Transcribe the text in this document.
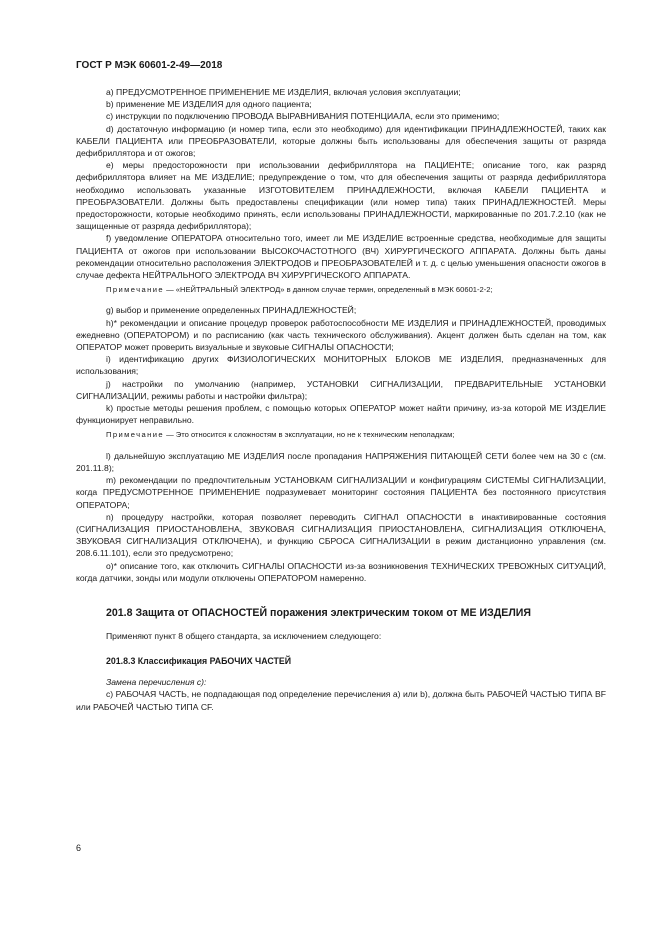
ГОСТ Р МЭК 60601-2-49—2018

a) ПРЕДУСМОТРЕННОЕ ПРИМЕНЕНИЕ МЕ ИЗДЕЛИЯ, включая условия эксплуатации;

b) применение МЕ ИЗДЕЛИЯ для одного пациента;

c) инструкции по подключению ПРОВОДА ВЫРАВНИВАНИЯ ПОТЕНЦИАЛА, если это применимо;

d) достаточную информацию (и номер типа, если это необходимо) для идентификации ПРИНАДЛЕЖНОСТЕЙ, таких как КАБЕЛИ ПАЦИЕНТА или ПРЕОБРАЗОВАТЕЛИ, которые должны быть использованы для обеспечения защиты от разряда дефибриллятора и от ожогов;

e) меры предосторожности при использовании дефибриллятора на ПАЦИЕНТЕ; описание того, как разряд дефибриллятора влияет на МЕ ИЗДЕЛИЕ; предупреждение о том, что для обеспечения защиты от разряда дефибриллятора необходимо использовать указанные ИЗГОТОВИТЕЛЕМ ПРИНАДЛЕЖНОСТИ, включая КАБЕЛИ ПАЦИЕНТА и ПРЕОБРАЗОВАТЕЛИ. Должны быть предоставлены спецификации (или номер типа) таких ПРИНАДЛЕЖНОСТЕЙ. Меры предосторожности, которые необходимо принять, если использованы ПРИНАДЛЕЖНОСТИ, маркированные по 201.7.2.10 (как не защищенные от разряда дефибриллятора);

f) уведомление ОПЕРАТОРА относительно того, имеет ли МЕ ИЗДЕЛИЕ встроенные средства, необходимые для защиты ПАЦИЕНТА от ожогов при использовании ВЫСОКОЧАСТОТНОГО (ВЧ) ХИРУРГИЧЕСКОГО АППАРАТА. Должны быть даны рекомендации относительно расположения ЭЛЕКТРОДОВ и ПРЕОБРАЗОВАТЕЛЕЙ и т. д. с целью уменьшения опасности ожогов в случае дефекта НЕЙТРАЛЬНОГО ЭЛЕКТРОДА ВЧ ХИРУРГИЧЕСКОГО АППАРАТА.

Примечание — «НЕЙТРАЛЬНЫЙ ЭЛЕКТРОД» в данном случае термин, определенный в МЭК 60601-2-2;

g) выбор и применение определенных ПРИНАДЛЕЖНОСТЕЙ;

h)* рекомендации и описание процедур проверок работоспособности МЕ ИЗДЕЛИЯ и ПРИНАДЛЕЖНОСТЕЙ, проводимых ежедневно (ОПЕРАТОРОМ) и по расписанию (как часть технического обслуживания). Акцент должен быть сделан на том, как ОПЕРАТОР может проверить визуальные и звуковые СИГНАЛЫ ОПАСНОСТИ;

i) идентификацию других ФИЗИОЛОГИЧЕСКИХ МОНИТОРНЫХ БЛОКОВ МЕ ИЗДЕЛИЯ, предназначенных для использования;

j) настройки по умолчанию (например, УСТАНОВКИ СИГНАЛИЗАЦИИ, ПРЕДВАРИТЕЛЬНЫЕ УСТАНОВКИ СИГНАЛИЗАЦИИ, режимы работы и настройки фильтра);

k) простые методы решения проблем, с помощью которых ОПЕРАТОР может найти причину, из-за которой МЕ ИЗДЕЛИЕ функционирует неправильно.

Примечание — Это относится к сложностям в эксплуатации, но не к техническим неполадкам;

l) дальнейшую эксплуатацию МЕ ИЗДЕЛИЯ после пропадания НАПРЯЖЕНИЯ ПИТАЮЩЕЙ СЕТИ более чем на 30 с (см. 201.11.8);

m) рекомендации по предпочтительным УСТАНОВКАМ СИГНАЛИЗАЦИИ и конфигурациям СИСТЕМЫ СИГНАЛИЗАЦИИ, когда ПРЕДУСМОТРЕННОЕ ПРИМЕНЕНИЕ подразумевает мониторинг состояния ПАЦИЕНТА без постоянного присутствия ОПЕРАТОРА;

n) процедуру настройки, которая позволяет переводить СИГНАЛ ОПАСНОСТИ в инактивированные состояния (СИГНАЛИЗАЦИЯ ПРИОСТАНОВЛЕНА, ЗВУКОВАЯ СИГНАЛИЗАЦИЯ ПРИОСТАНОВЛЕНА, СИГНАЛИЗАЦИЯ ОТКЛЮЧЕНА, ЗВУКОВАЯ СИГНАЛИЗАЦИЯ ОТКЛЮЧЕНА), и функцию СБРОСА СИГНАЛИЗАЦИИ в режим дистанционно управления (см. 208.6.11.101), если это предусмотрено;

o)* описание того, как отключить СИГНАЛЫ ОПАСНОСТИ из-за возникновения ТЕХНИЧЕСКИХ ТРЕВОЖНЫХ СИТУАЦИЙ, когда датчики, зонды или модули отключены ОПЕРАТОРОМ намеренно.

201.8 Защита от ОПАСНОСТЕЙ поражения электрическим током от МЕ ИЗДЕЛИЯ

Применяют пункт 8 общего стандарта, за исключением следующего:

201.8.3 Классификация РАБОЧИХ ЧАСТЕЙ

Замена перечисления с):

c) РАБОЧАЯ ЧАСТЬ, не подпадающая под определение перечисления a) или b), должна быть РАБОЧЕЙ ЧАСТЬЮ ТИПА BF или РАБОЧЕЙ ЧАСТЬЮ ТИПА CF.

6
